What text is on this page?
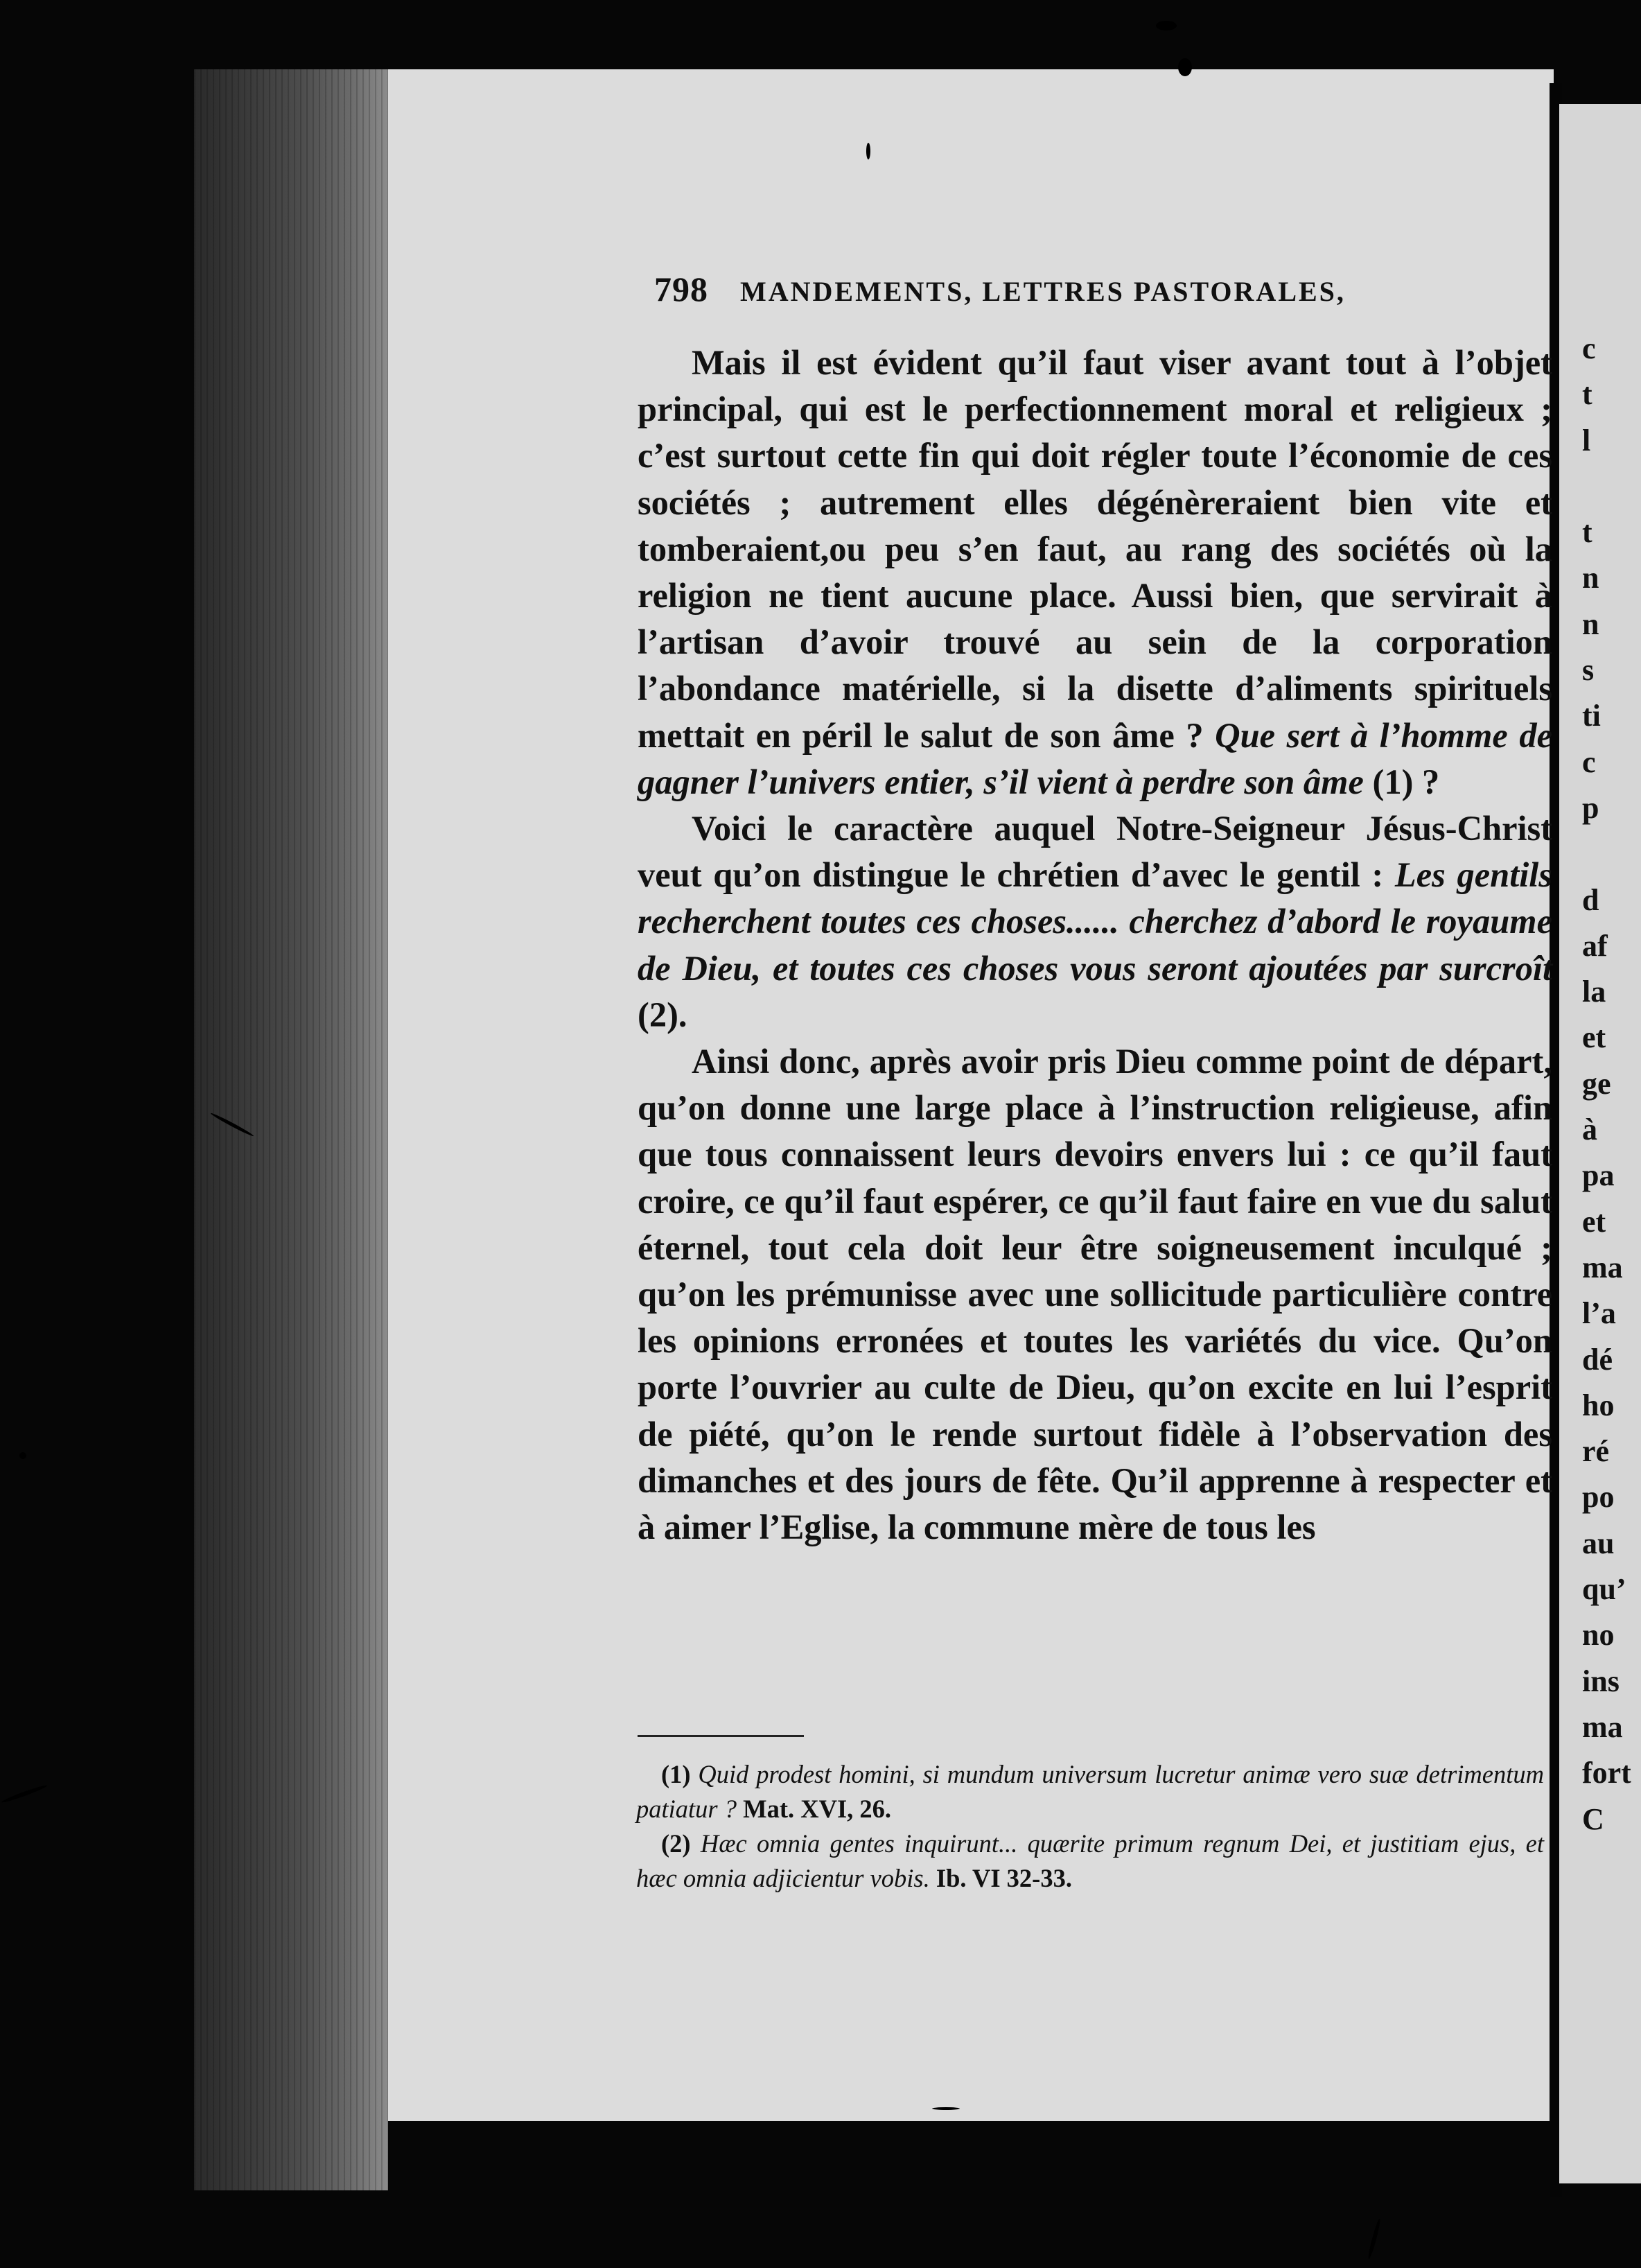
798 MANDEMENTS, LETTRES PASTORALES,

Mais il est évident qu’il faut viser avant tout à l’objet principal, qui est le perfectionnement moral et religieux ; c’est surtout cette fin qui doit régler toute l’économie de ces sociétés ; autrement elles dégénèreraient bien vite et tomberaient,ou peu s’en faut, au rang des sociétés où la religion ne tient aucune place. Aussi bien, que servirait à l’artisan d’avoir trouvé au sein de la corporation l’abondance matérielle, si la disette d’aliments spirituels mettait en péril le salut de son âme ? Que sert à l’homme de gagner l’univers entier, s’il vient à perdre son âme (1) ?

Voici le caractère auquel Notre-Seigneur Jésus-Christ veut qu’on distingue le chrétien d’avec le gentil : Les gentils recherchent toutes ces choses...... cherchez d’abord le royaume de Dieu, et toutes ces choses vous seront ajoutées par surcroît (2).

Ainsi donc, après avoir pris Dieu comme point de départ, qu’on donne une large place à l’instruction religieuse, afin que tous connaissent leurs devoirs envers lui : ce qu’il faut croire, ce qu’il faut espérer, ce qu’il faut faire en vue du salut éternel, tout cela doit leur être soigneusement inculqué ; qu’on les prémunisse avec une sollicitude particulière contre les opinions erronées et toutes les variétés du vice. Qu’on porte l’ouvrier au culte de Dieu, qu’on excite en lui l’esprit de piété, qu’on le rende surtout fidèle à l’observation des dimanches et des jours de fête. Qu’il apprenne à respecter et à aimer l’Eglise, la commune mère de tous les

(1) Quid prodest homini, si mundum universum lucretur animæ vero suæ detrimentum patiatur ? Mat. XVI, 26.

(2) Hæc omnia gentes inquirunt... quærite primum regnum Dei, et justitiam ejus, et hæc omnia adjicientur vobis. Ib. VI 32-33.

c
t
l
t
n
n
s
ti
c
p
d
af
la
et
ge
à
pa
et
ma
l’a
dé
ho
ré
po
au
qu’
no
ins
ma
fort
C
